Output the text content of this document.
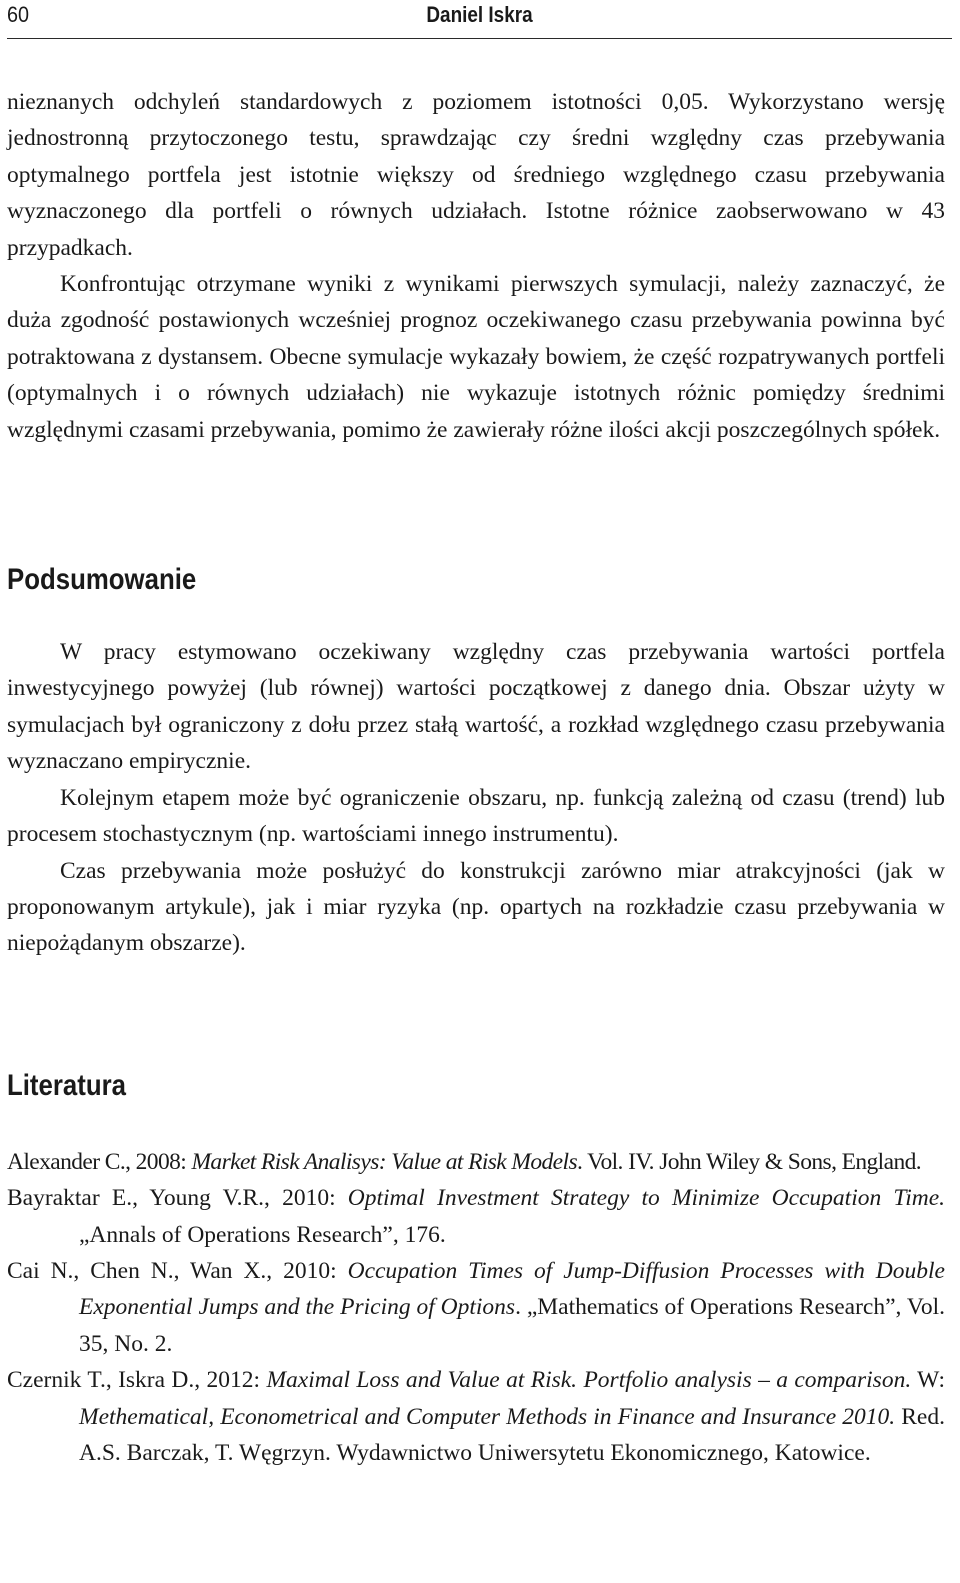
60	Daniel Iskra

nieznanych odchyleń standardowych z poziomem istotności 0,05. Wykorzystano wersję jednostronną przytoczonego testu, sprawdzając czy średni względny czas przebywania optymalnego portfela jest istotnie większy od średniego względnego czasu przebywania wyznaczonego dla portfeli o równych udziałach. Istotne różnice zaobserwowano w 43 przypadkach.

Konfrontując otrzymane wyniki z wynikami pierwszych symulacji, należy zaznaczyć, że duża zgodność postawionych wcześniej prognoz oczekiwanego czasu przebywania powinna być potraktowana z dystansem. Obecne symulacje wykazały bowiem, że część rozpatrywanych portfeli (optymalnych i o równych udziałach) nie wykazuje istotnych różnic pomiędzy średnimi względnymi czasami przebywania, pomimo że zawierały różne ilości akcji poszczególnych spółek.

Podsumowanie

W pracy estymowano oczekiwany względny czas przebywania wartości portfela inwestycyjnego powyżej (lub równej) wartości początkowej z danego dnia. Obszar użyty w symulacjach był ograniczony z dołu przez stałą wartość, a rozkład względnego czasu przebywania wyznaczano empirycznie.

Kolejnym etapem może być ograniczenie obszaru, np. funkcją zależną od czasu (trend) lub procesem stochastycznym (np. wartościami innego instrumentu).

Czas przebywania może posłużyć do konstrukcji zarówno miar atrakcyjności (jak w proponowanym artykule), jak i miar ryzyka (np. opartych na rozkładzie czasu przebywania w niepożądanym obszarze).

Literatura
Alexander C., 2008: Market Risk Analisys: Value at Risk Models. Vol. IV. John Wiley & Sons, England.
Bayraktar E., Young V.R., 2010: Optimal Investment Strategy to Minimize Occupation Time. „Annals of Operations Research”, 176.
Cai N., Chen N., Wan X., 2010: Occupation Times of Jump-Diffusion Processes with Double Exponential Jumps and the Pricing of Options. „Mathematics of Operations Research”, Vol. 35, No. 2.
Czernik T., Iskra D., 2012: Maximal Loss and Value at Risk. Portfolio analysis – a comparison. W: Methematical, Econometrical and Computer Methods in Finance and Insurance 2010. Red. A.S. Barczak, T. Węgrzyn. Wydawnictwo Uniwersytetu Ekonomicznego, Katowice.
